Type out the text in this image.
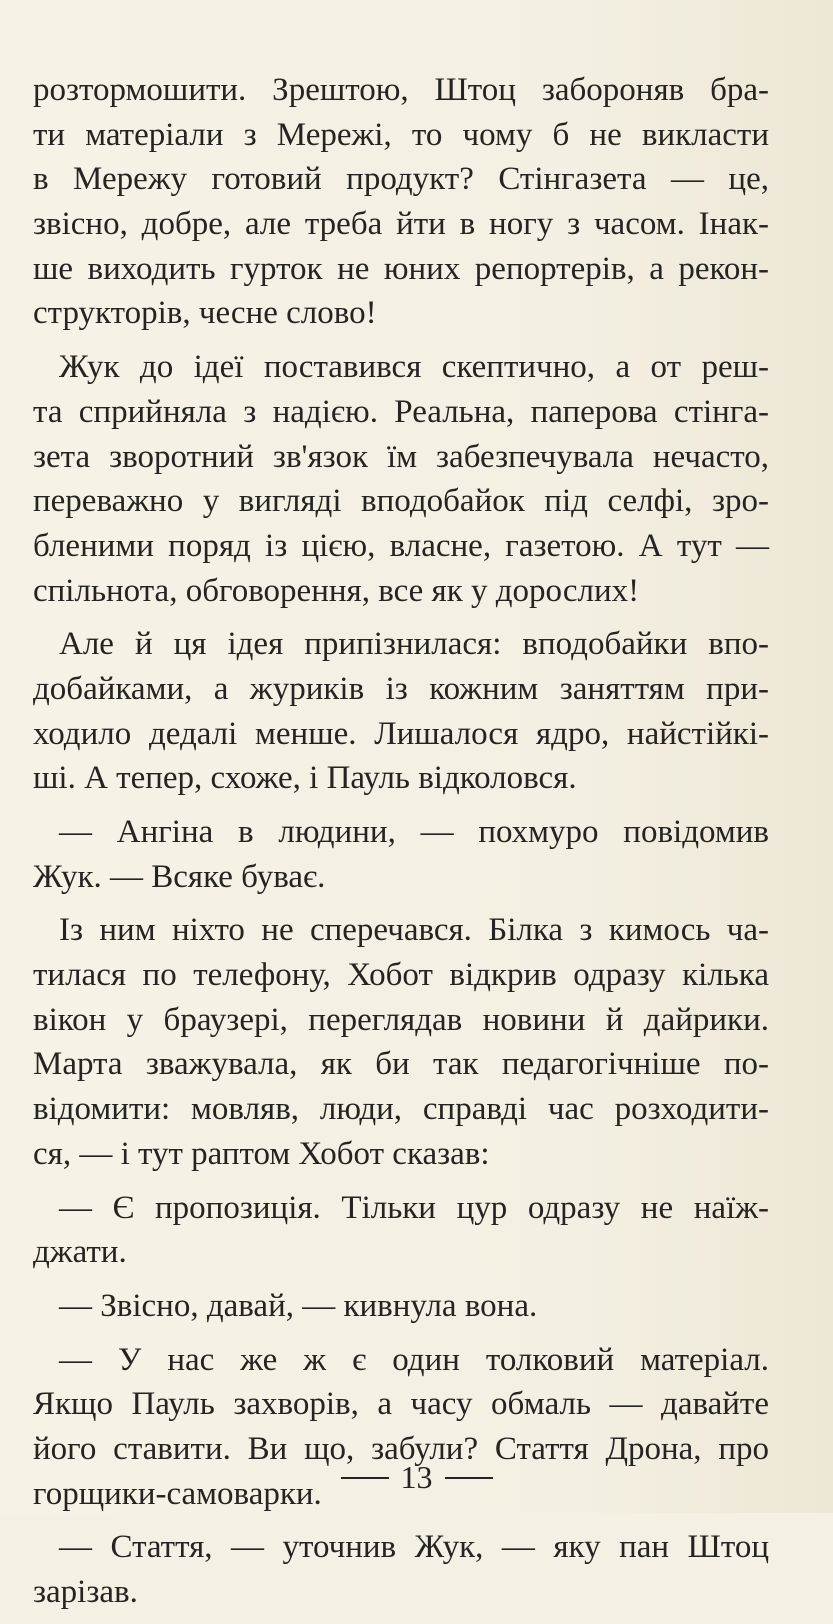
розтормошити. Зрештою, Штоц забороняв бра-
ти матеріали з Мережі, то чому б не викласти
в Мережу готовий продукт? Стінгазета — це,
звісно, добре, але треба йти в ногу з часом. Інак-
ше виходить гурток не юних репортерів, а рекон-
структорів, чесне слово!

Жук до ідеї поставився скептично, а от реш-
та сприйняла з надією. Реальна, паперова стінга-
зета зворотний зв'язок їм забезпечувала нечасто,
переважно у вигляді вподобайок під селфі, зро-
бленими поряд із цією, власне, газетою. А тут —
спільнота, обговорення, все як у дорослих!

Але й ця ідея припізнилася: вподобайки впо-
добайками, а журиків із кожним заняттям при-
ходило дедалі менше. Лишалося ядро, найстійкі-
ші. А тепер, схоже, і Пауль відколовся.

— Ангіна в людини, — похмуро повідомив
Жук. — Всяке буває.

Із ним ніхто не сперечався. Білка з кимось ча-
тилася по телефону, Хобот відкрив одразу кілька
вікон у браузері, переглядав новини й дайрики.
Марта зважувала, як би так педагогічніше по-
відомити: мовляв, люди, справді час розходити-
ся, — і тут раптом Хобот сказав:

— Є пропозиція. Тільки цур одразу не наїж-
джати.

— Звісно, давай, — кивнула вона.

— У нас же ж є один толковий матеріал.
Якщо Пауль захворів, а часу обмаль — давайте
його ставити. Ви що, забули? Стаття Дрона, про
горщики-самоварки.

— Стаття, — уточнив Жук, — яку пан Штоц
зарізав.

13
